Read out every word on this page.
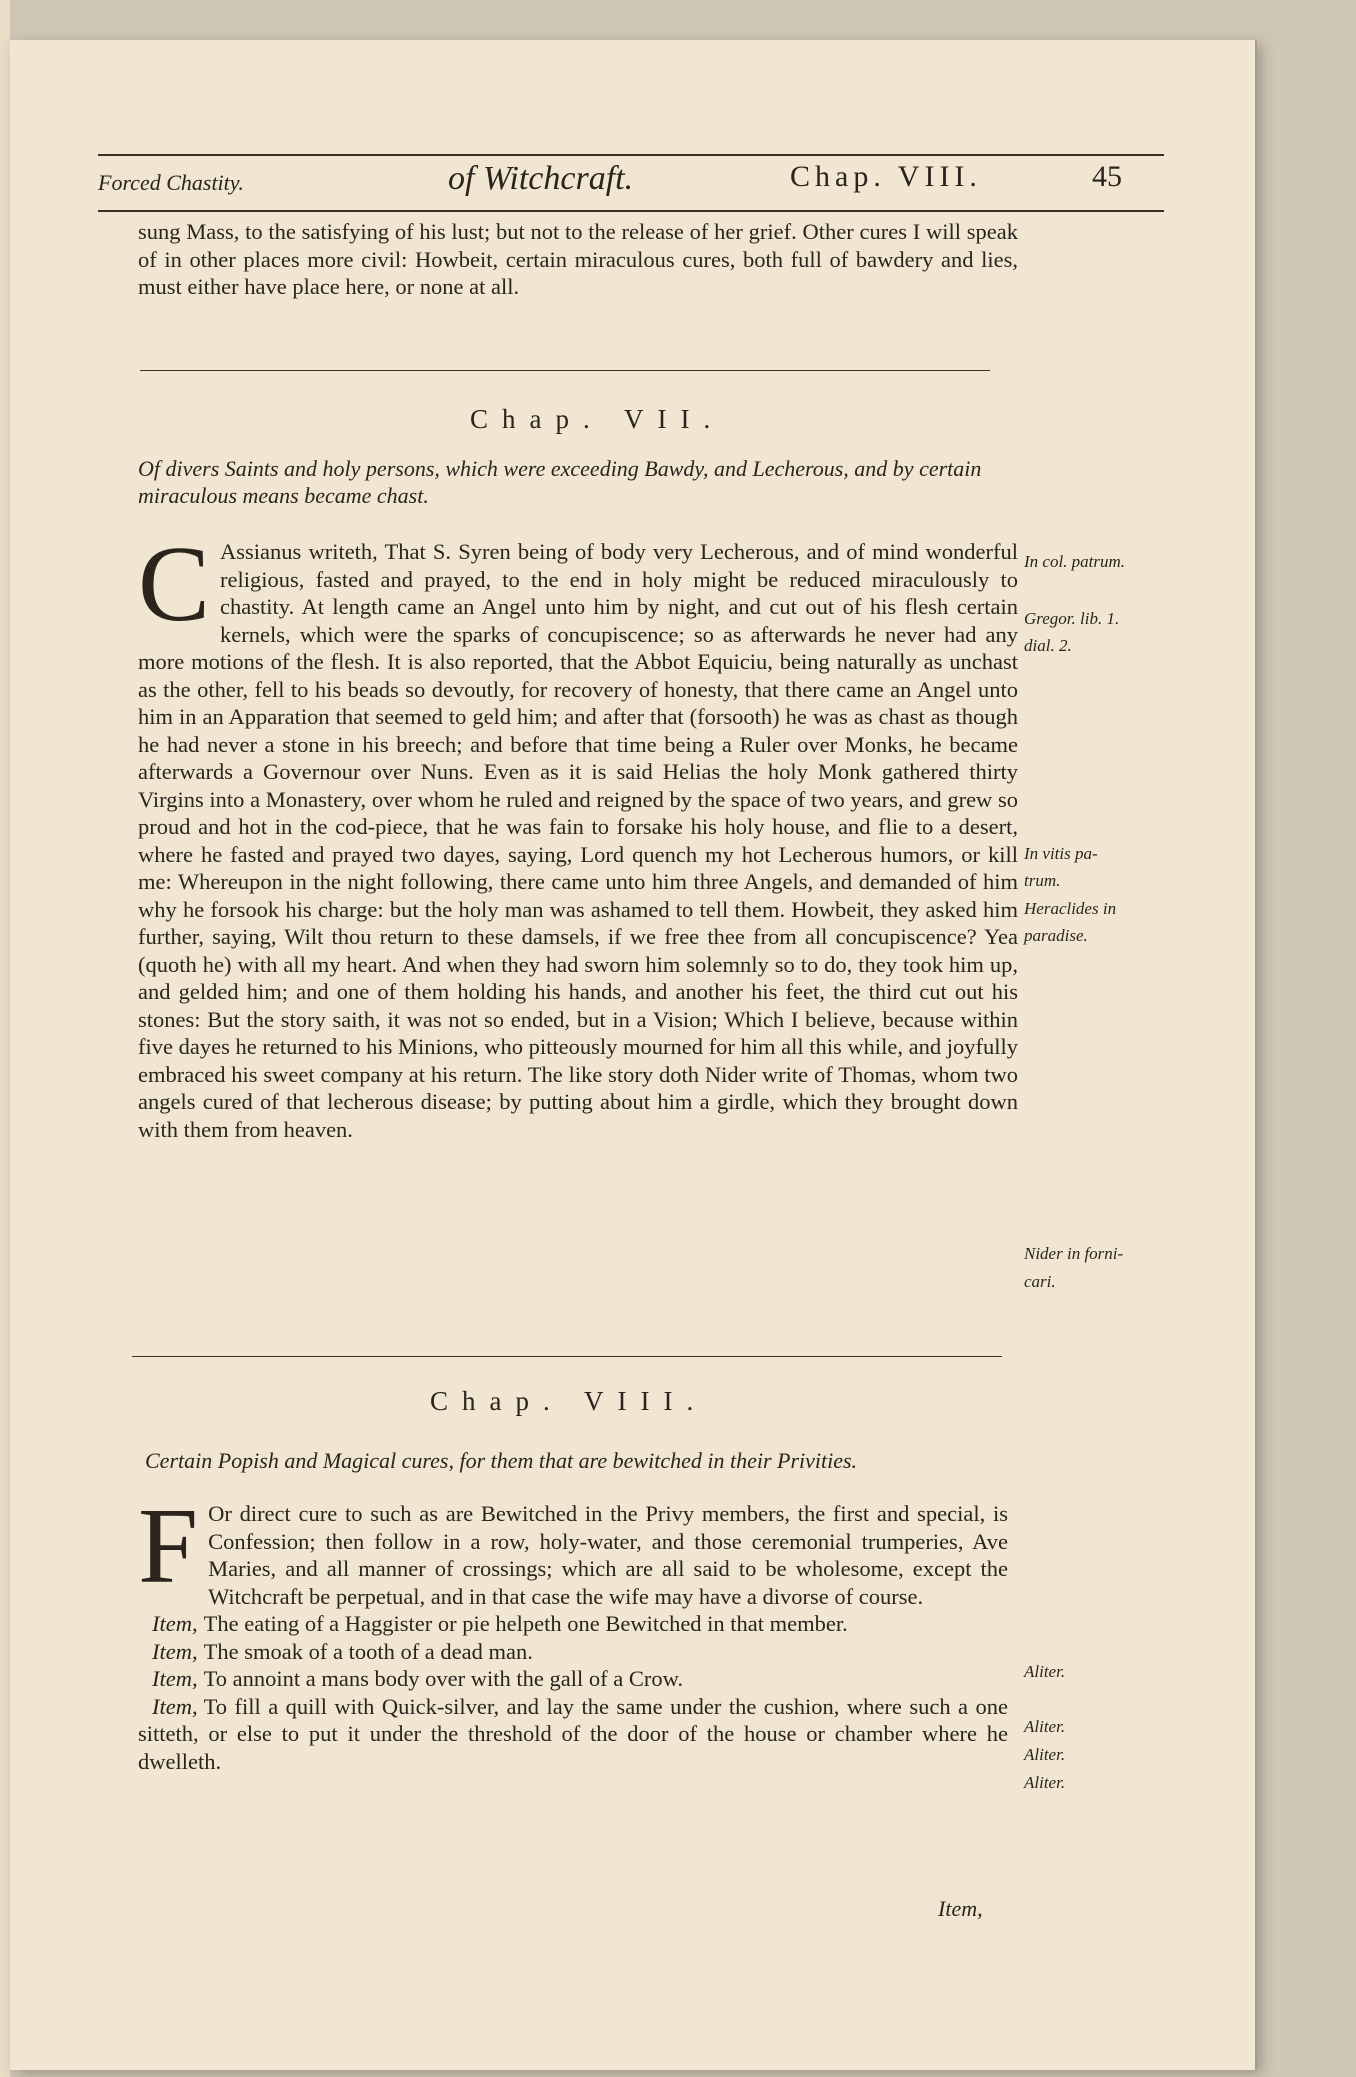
Forced Chastity.	of Witchcraft.	Chap. VIII.	45

sung Mass, to the satisfying of his lust; but not to the release of her grief. Other cures I will speak of in other places more civil: Howbeit, certain miraculous cures, both full of bawdery and lies, must either have place here, or none at all.

Chap. VII.
Of divers Saints and holy persons, which were exceeding Bawdy, and Lecherous, and by certain miraculous means became chast.
C Assianus writeth, That S. Syren being of body very Lecherous, and of mind wonderful religious, fasted and prayed, to the end in holy might be reduced miraculously to chastity. At length came an Angel unto him by night, and cut out of his flesh certain kernels, which were the sparks of concupiscence; so as afterwards he never had any more motions of the flesh. It is also reported, that the Abbot Equiciu, being naturally as unchast as the other, fell to his beads so devoutly, for recovery of honesty, that there came an Angel unto him in an Apparation that seemed to geld him; and after that (forsooth) he was as chast as though he had never a stone in his breech; and before that time being a Ruler over Monks, he became afterwards a Governour over Nuns. Even as it is said Helias the holy Monk gathered thirty Virgins into a Monastery, over whom he ruled and reigned by the space of two years, and grew so proud and hot in the cod-piece, that he was fain to forsake his holy house, and flie to a desert, where he fasted and prayed two dayes, saying, Lord quench my hot Lecherous humors, or kill me: Whereupon in the night following, there came unto him three Angels, and demanded of him why he forsook his charge: but the holy man was ashamed to tell them. Howbeit, they asked him further, saying, Wilt thou return to these damsels, if we free thee from all concupiscence? Yea (quoth he) with all my heart. And when they had sworn him solemnly so to do, they took him up, and gelded him; and one of them holding his hands, and another his feet, the third cut out his stones: But the story saith, it was not so ended, but in a Vision; Which I believe, because within five dayes he returned to his Minions, who pitteously mourned for him all this while, and joyfully embraced his sweet company at his return. The like story doth Nider write of Thomas, whom two angels cured of that lecherous disease; by putting about him a girdle, which they brought down with them from heaven.

Chap. VIII.
Certain Popish and Magical cures, for them that are bewitched in their Privities.
F Or direct cure to such as are Bewitched in the Privy members, the first and special, is Confession; then follow in a row, holy-water, and those ceremonial trumperies, Ave Maries, and all manner of crossings; which are all said to be wholesome, except the Witchcraft be perpetual, and in that case the wife may have a divorse of course.

Item, The eating of a Haggister or pie helpeth one Bewitched in that member.

Item, The smoak of a tooth of a dead man.

Item, To annoint a mans body over with the gall of a Crow.

Item, To fill a quill with Quick-silver, and lay the same under the cushion, where such a one sitteth, or else to put it under the threshold of the door of the house or chamber where he dwelleth.

In col. patrum.
Gregor. lib. 1.
dial. 2.
In vitis pa-
trum.
Heraclides in
paradise.
Nider in forni-
cari.
Aliter.
Aliter.
Aliter.
Aliter.
Item,
